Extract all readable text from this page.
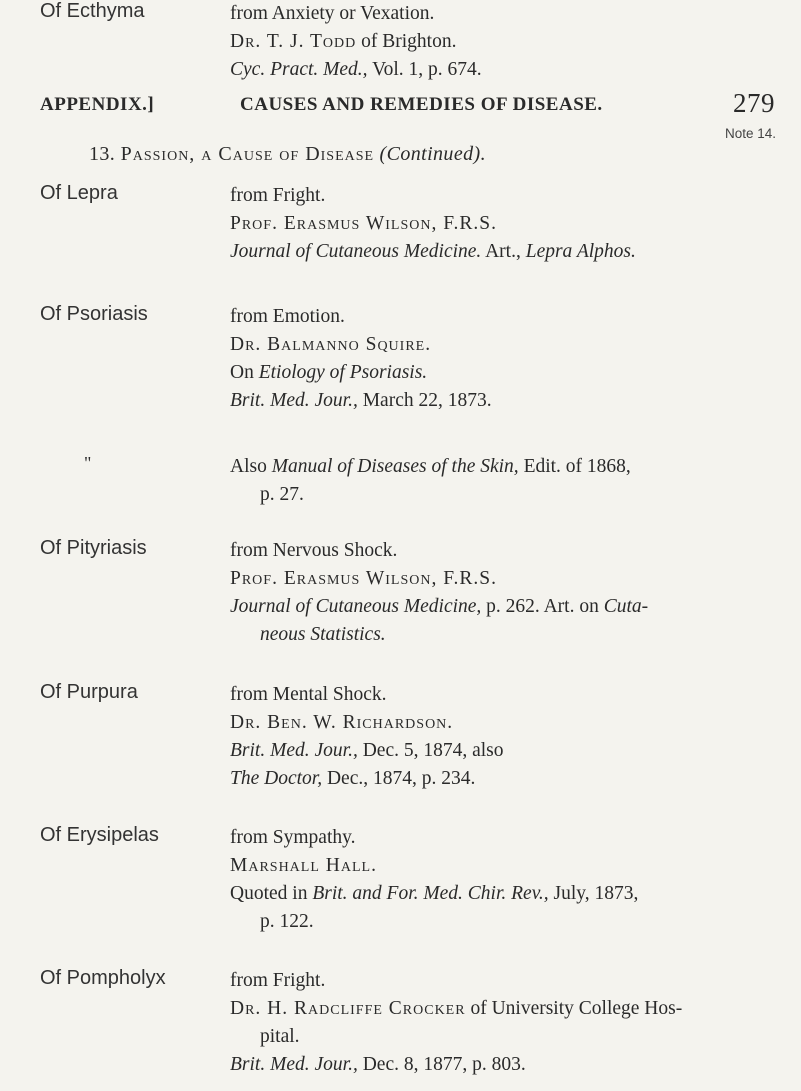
APPENDIX.]	CAUSES AND REMEDIES OF DISEASE.	279
Note 14.
13. Passion, a Cause of Disease (Continued).
Of Lepra	from Fright.
Prof. Erasmus Wilson, F.R.S.
Journal of Cutaneous Medicine. Art., Lepra Alphos.
Of Psoriasis	from Emotion.
Dr. Balmanno Squire.
On Etiology of Psoriasis.
Brit. Med. Jour., March 22, 1873.
"	Also Manual of Diseases of the Skin, Edit. of 1868,
p. 27.
Of Pityriasis	from Nervous Shock.
Prof. Erasmus Wilson, F.R.S.
Journal of Cutaneous Medicine, p. 262. Art. on Cuta-
neous Statistics.
Of Purpura	from Mental Shock.
Dr. Ben. W. Richardson.
Brit. Med. Jour., Dec. 5, 1874, also
The Doctor, Dec., 1874, p. 234.
Of Erysipelas	from Sympathy.
Marshall Hall.
Quoted in Brit. and For. Med. Chir. Rev., July, 1873,
p. 122.
Of Pompholyx	from Fright.
Dr. H. Radcliffe Crocker of University College Hos-
pital.
Brit. Med. Jour., Dec. 8, 1877, p. 803.
Of Ecthyma	from Anxiety or Vexation.
Dr. T. J. Todd of Brighton.
Cyc. Pract. Med., Vol. 1, p. 674.
